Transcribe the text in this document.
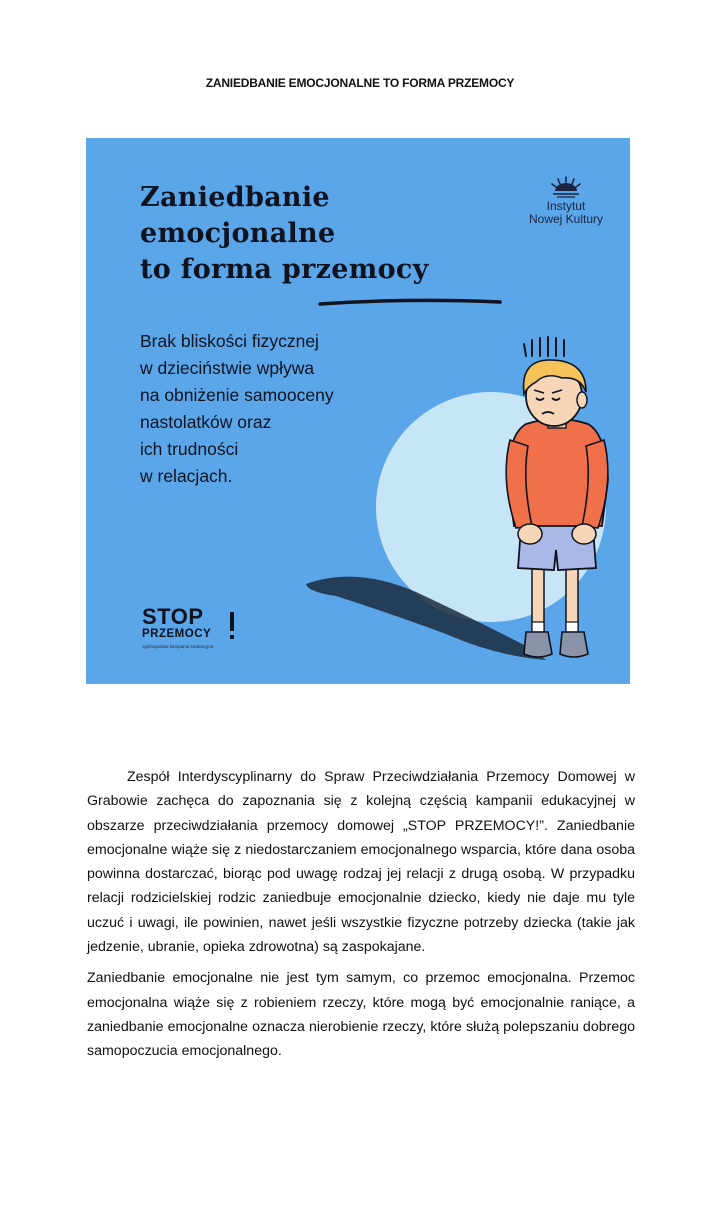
ZANIEDBANIE EMOCJONALNE TO FORMA PRZEMOCY
Zaniedbanie
emocjonalne
to forma przemocy
Instytut
Nowej Kultury
Brak bliskości fizycznej
w dzieciństwie wpływa
na obniżenie samooceny
nastolatków oraz
ich trudności
w relacjach.
STOP
PRZEMOCY
ogólnopolska kampania edukacyjna

Zespół Interdyscyplinarny do Spraw Przeciwdziałania Przemocy Domowej w Grabowie zachęca do zapoznania się z kolejną częścią kampanii edukacyjnej w obszarze przeciwdziałania przemocy domowej „STOP PRZEMOCY!”. Zaniedbanie emocjonalne wiąże się z niedostarczaniem emocjonalnego wsparcia, które dana osoba powinna dostarczać, biorąc pod uwagę rodzaj jej relacji z drugą osobą. W przypadku relacji rodzicielskiej rodzic zaniedbuje emocjonalnie dziecko, kiedy nie daje mu tyle uczuć i uwagi, ile powinien, nawet jeśli wszystkie fizyczne potrzeby dziecka (takie jak jedzenie, ubranie, opieka zdrowotna) są zaspokajane.

Zaniedbanie emocjonalne nie jest tym samym, co przemoc emocjonalna. Przemoc emocjonalna wiąże się z robieniem rzeczy, które mogą być emocjonalnie raniące, a zaniedbanie emocjonalne oznacza nierobienie rzeczy, które służą polepszaniu dobrego samopoczucia emocjonalnego.
